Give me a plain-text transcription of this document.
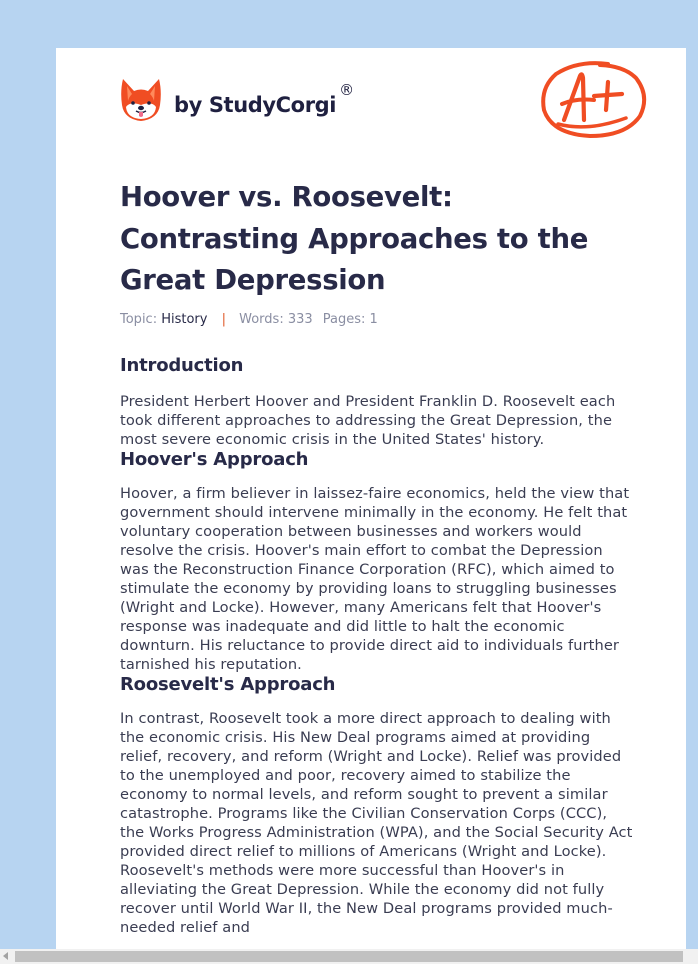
by StudyCorgi
®
Hoover vs. Roosevelt: Contrasting Approaches to the Great Depression
Topic: History | Words: 333 Pages: 1
Introduction

President Herbert Hoover and President Franklin D. Roosevelt each took different approaches to addressing the Great Depression, the most severe economic crisis in the United States' history.

Hoover's Approach

Hoover, a firm believer in laissez-faire economics, held the view that government should intervene minimally in the economy. He felt that voluntary cooperation between businesses and workers would resolve the crisis. Hoover's main effort to combat the Depression was the Reconstruction Finance Corporation (RFC), which aimed to stimulate the economy by providing loans to struggling businesses (Wright and Locke). However, many Americans felt that Hoover's response was inadequate and did little to halt the economic downturn. His reluctance to provide direct aid to individuals further tarnished his reputation.

Roosevelt's Approach

In contrast, Roosevelt took a more direct approach to dealing with the economic crisis. His New Deal programs aimed at providing relief, recovery, and reform (Wright and Locke). Relief was provided to the unemployed and poor, recovery aimed to stabilize the economy to normal levels, and reform sought to prevent a similar catastrophe. Programs like the Civilian Conservation Corps (CCC), the Works Progress Administration (WPA), and the Social Security Act provided direct relief to millions of Americans (Wright and Locke). Roosevelt's methods were more successful than Hoover's in alleviating the Great Depression. While the economy did not fully recover until World War II, the New Deal programs provided much-needed relief and
